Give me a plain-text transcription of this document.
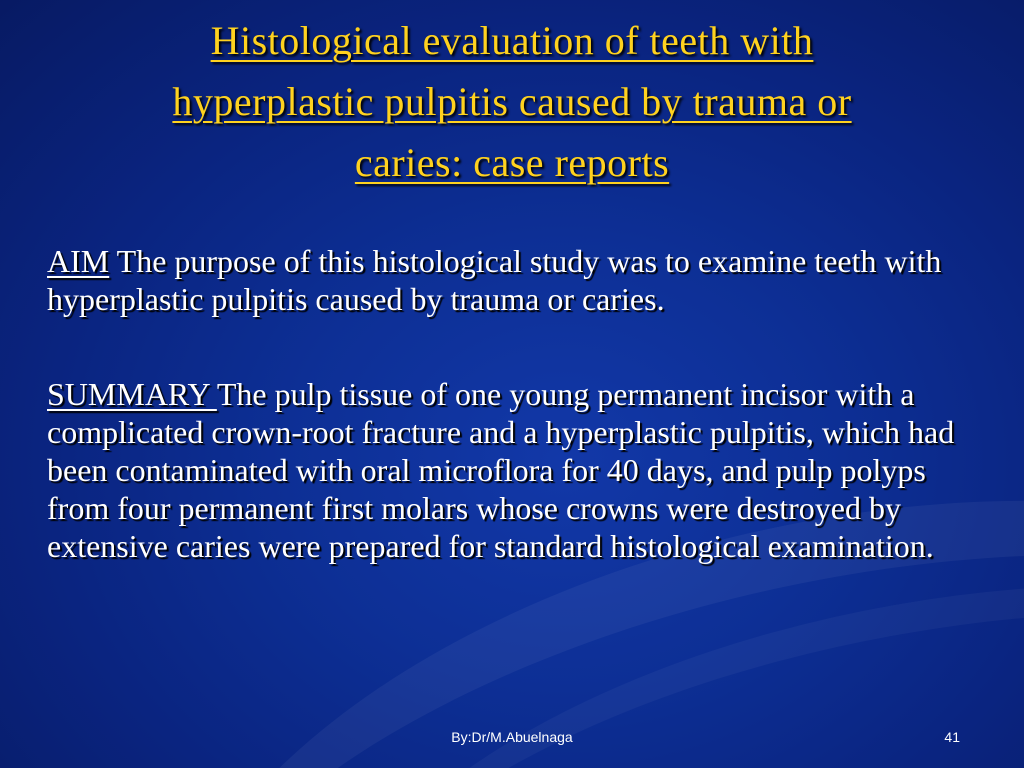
Histological evaluation of teeth with
hyperplastic pulpitis caused by trauma or
caries: case reports

AIM The purpose of this histological study was to examine teeth with hyperplastic pulpitis caused by trauma or caries.

SUMMARY The pulp tissue of one young permanent incisor with a complicated crown-root fracture and a hyperplastic pulpitis, which had been contaminated with oral microflora for 40 days, and pulp polyps from four permanent first molars whose crowns were destroyed by extensive caries were prepared for standard histological examination.

By:Dr/M.Abuelnaga	41
